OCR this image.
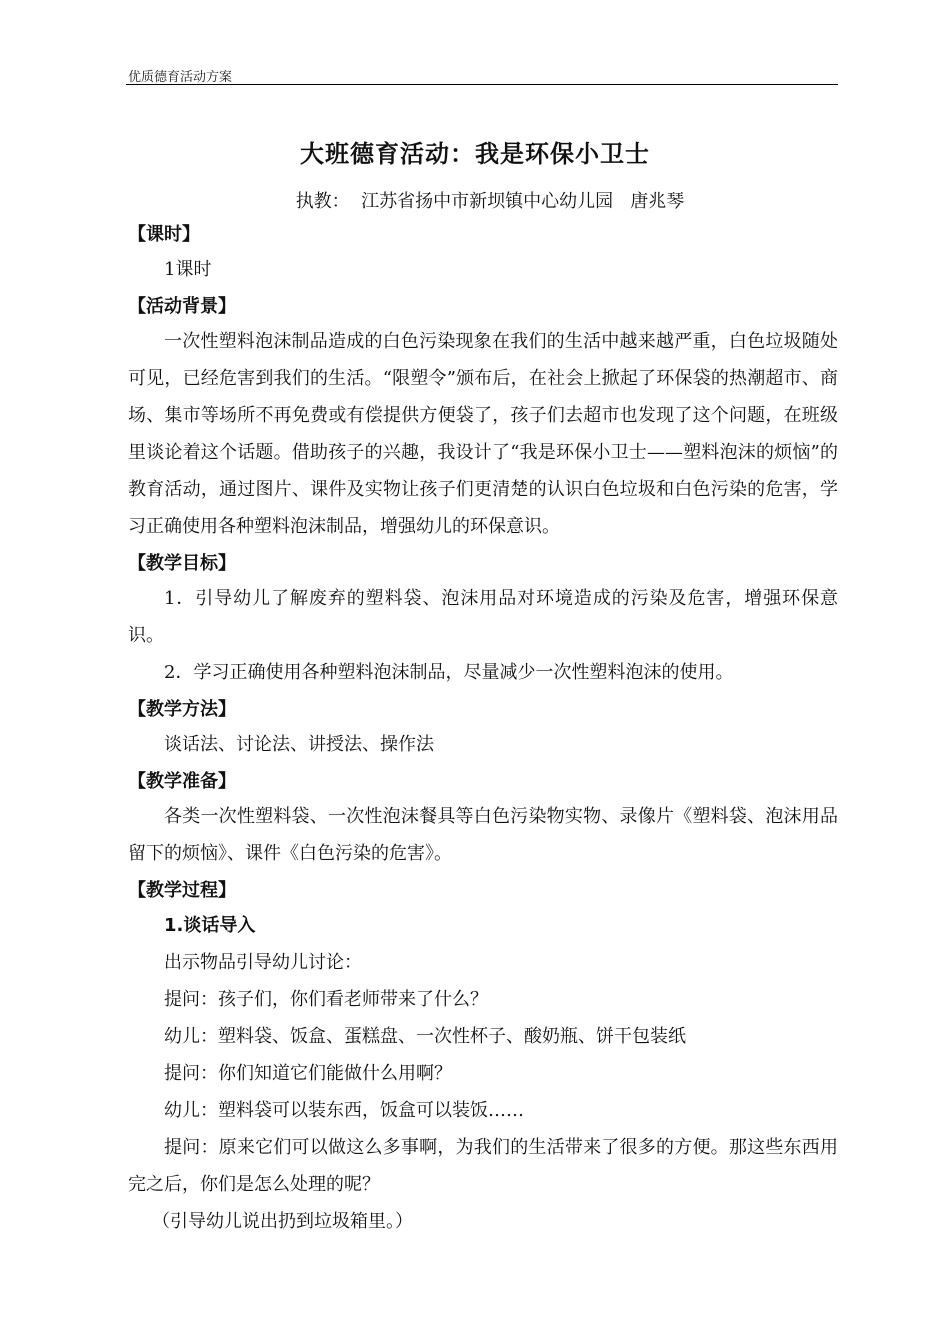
优质德育活动方案
大班德育活动：我是环保小卫士
执教：  江苏省扬中市新坝镇中心幼儿园   唐兆琴
【课时】
1课时
【活动背景】
一次性塑料泡沫制品造成的白色污染现象在我们的生活中越来越严重，白色垃圾随处可见，已经危害到我们的生活。“限塑令”颁布后，在社会上掀起了环保袋的热潮超市、商场、集市等场所不再免费或有偿提供方便袋了，孩子们去超市也发现了这个问题，在班级里谈论着这个话题。借助孩子的兴趣，我设计了“我是环保小卫士——塑料泡沫的烦恼”的教育活动，通过图片、课件及实物让孩子们更清楚的认识白色垃圾和白色污染的危害，学习正确使用各种塑料泡沫制品，增强幼儿的环保意识。
【教学目标】
1．引导幼儿了解废弃的塑料袋、泡沫用品对环境造成的污染及危害，增强环保意识。
2．学习正确使用各种塑料泡沫制品，尽量减少一次性塑料泡沫的使用。
【教学方法】
谈话法、讨论法、讲授法、操作法
【教学准备】
各类一次性塑料袋、一次性泡沫餐具等白色污染物实物、录像片《塑料袋、泡沫用品留下的烦恼》、课件《白色污染的危害》。
【教学过程】
1.谈话导入
出示物品引导幼儿讨论：
提问：孩子们，你们看老师带来了什么？
幼儿：塑料袋、饭盒、蛋糕盘、一次性杯子、酸奶瓶、饼干包装纸
提问：你们知道它们能做什么用啊？
幼儿：塑料袋可以装东西，饭盒可以装饭……
提问：原来它们可以做这么多事啊，为我们的生活带来了很多的方便。那这些东西用完之后，你们是怎么处理的呢？
（引导幼儿说出扔到垃圾箱里。）
